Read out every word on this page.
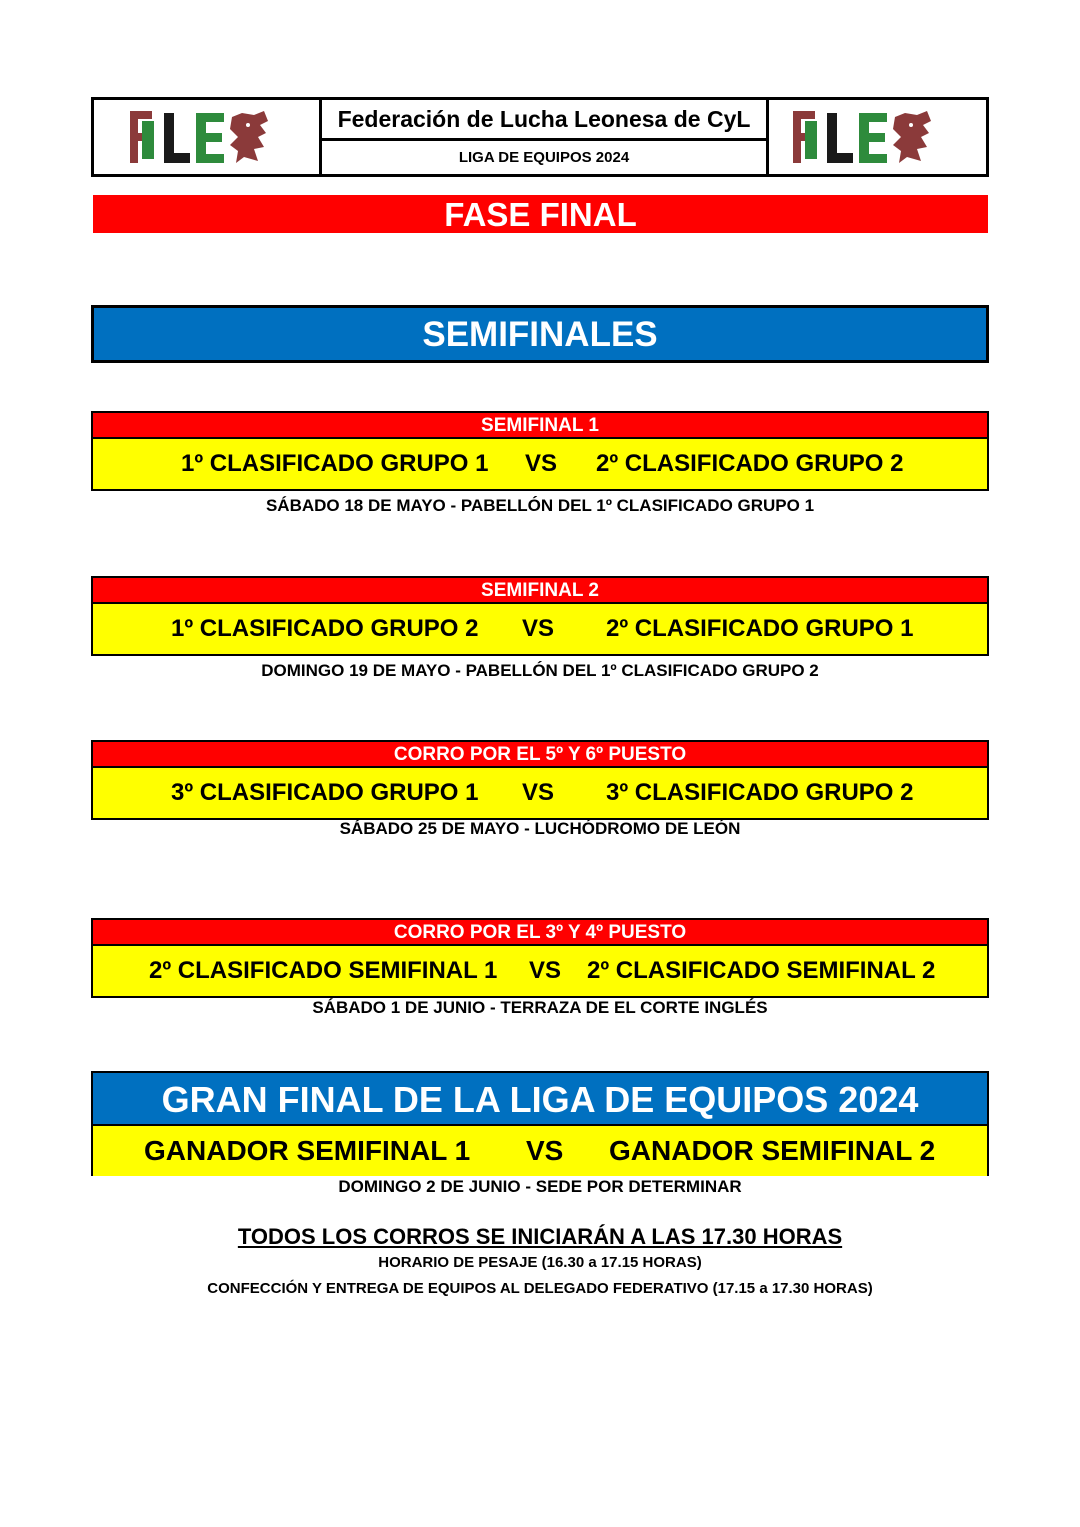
Federación de Lucha Leonesa de CyL
LIGA DE EQUIPOS 2024
FASE FINAL
SEMIFINALES
SEMIFINAL 1
1º CLASIFICADO GRUPO 1 VS 2º CLASIFICADO GRUPO 2
SÁBADO 18 DE MAYO - PABELLÓN DEL 1º CLASIFICADO GRUPO 1
SEMIFINAL 2
1º CLASIFICADO GRUPO 2 VS 2º CLASIFICADO GRUPO 1
DOMINGO 19 DE MAYO - PABELLÓN DEL 1º CLASIFICADO GRUPO 2
CORRO POR EL 5º Y 6º PUESTO
3º CLASIFICADO GRUPO 1 VS 3º CLASIFICADO GRUPO 2
SÁBADO 25 DE MAYO - LUCHÓDROMO DE LEÓN
CORRO POR EL 3º Y 4º PUESTO
2º CLASIFICADO SEMIFINAL 1 VS 2º CLASIFICADO SEMIFINAL 2
SÁBADO 1 DE JUNIO - TERRAZA DE EL CORTE INGLÉS
GRAN FINAL DE LA LIGA DE EQUIPOS 2024
GANADOR SEMIFINAL 1 VS GANADOR SEMIFINAL 2
DOMINGO 2 DE JUNIO - SEDE POR DETERMINAR
TODOS LOS CORROS SE INICIARÁN A LAS 17.30 HORAS
HORARIO DE PESAJE (16.30 a 17.15 HORAS)
CONFECCIÓN Y ENTREGA DE EQUIPOS AL DELEGADO FEDERATIVO (17.15 a 17.30 HORAS)
